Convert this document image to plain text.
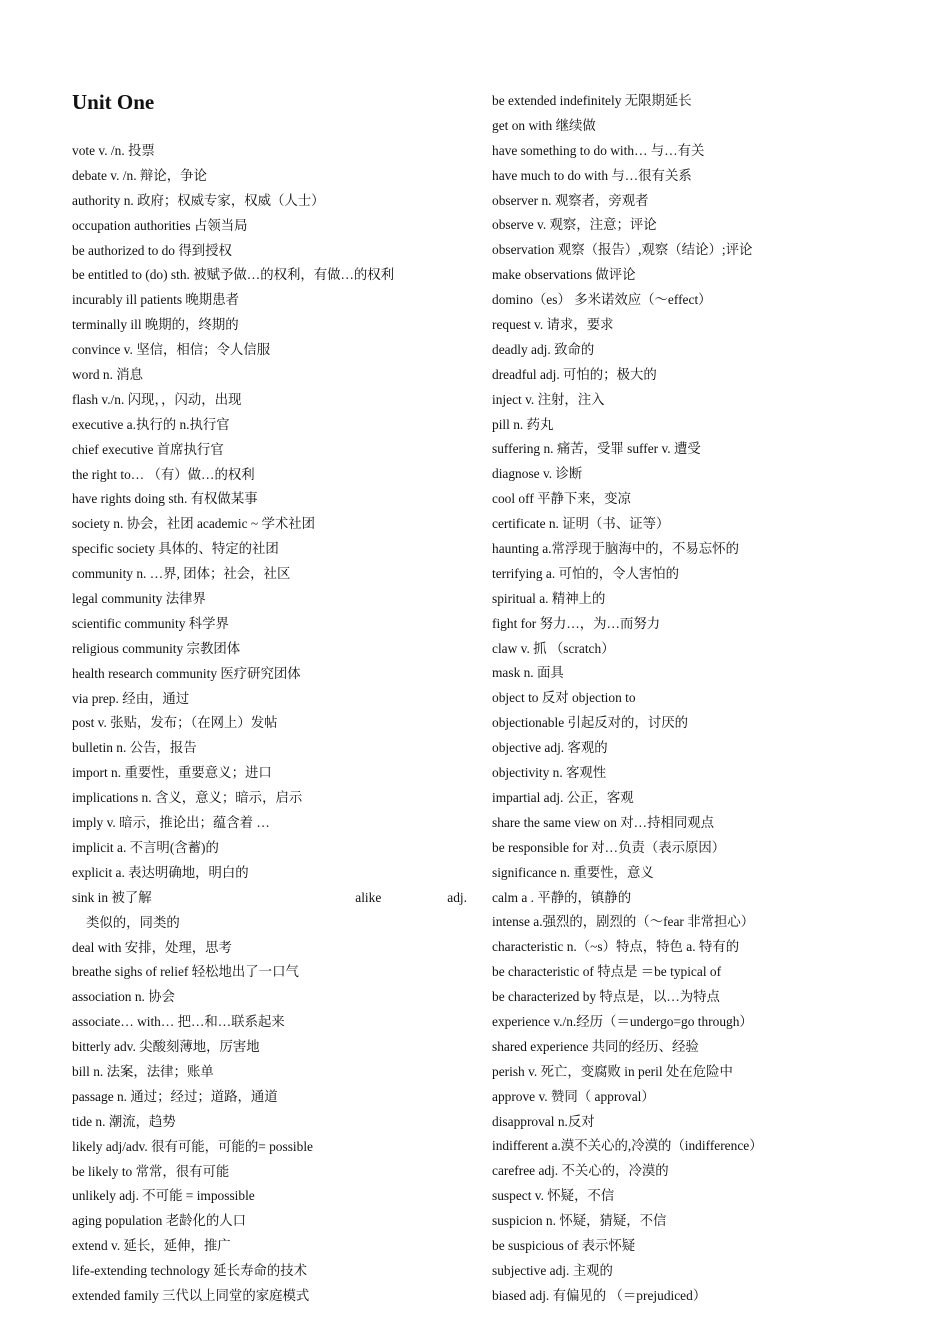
Unit One
vote v. /n. 投票
debate v. /n. 辩论，争论
authority n. 政府；权威专家，权威（人士）
occupation authorities 占领当局
be authorized to do 得到授权
be entitled to (do) sth. 被赋予做…的权利，有做…的权利
incurably ill patients 晚期患者
terminally ill 晚期的，终期的
convince v. 坚信，相信；令人信服
word n. 消息
flash v./n. 闪现，，闪动，出现
executive a.执行的 n.执行官
chief executive 首席执行官
the right to… （有）做…的权利
have rights doing sth. 有权做某事
society n. 协会，社团 academic ~ 学术社团
specific society 具体的、特定的社团
community n. …界, 团体；社会，社区
legal community 法律界
scientific community 科学界
religious community 宗教团体
health research community 医疗研究团体
via prep. 经由，通过
post v. 张贴，发布；（在网上）发帖
bulletin n. 公告，报告
import n. 重要性，重要意义；进口
implications n. 含义，意义；暗示，启示
imply v. 暗示，推论出；蕴含着 …
implicit a. 不言明(含蓄)的
explicit a. 表达明确地，明白的
sink in 被了解	alike	adj.
类似的，同类的
deal with 安排，处理，思考
breathe sighs of relief 轻松地出了一口气
association n. 协会
associate… with… 把…和…联系起来
bitterly adv. 尖酸刻薄地，厉害地
bill n. 法案，法律；账单
passage n. 通过；经过；道路，通道
tide n. 潮流，趋势
likely adj/adv. 很有可能，可能的= possible
be likely to 常常，很有可能
unlikely adj. 不可能 = impossible
aging population 老龄化的人口
extend v. 延长，延伸，推广
life-extending technology 延长寿命的技术
extended family 三代以上同堂的家庭模式
be extended indefinitely 无限期延长
get on with 继续做
have something to do with… 与…有关
have much to do with 与…很有关系
observer n. 观察者，旁观者
observe v. 观察，注意；评论
observation 观察（报告）,观察（结论）;评论
make observations 做评论
domino（es） 多米诺效应（～effect）
request v. 请求，要求
deadly adj. 致命的
dreadful adj. 可怕的；极大的
inject v. 注射，注入
pill n. 药丸
suffering n. 痛苦，受罪 suffer v. 遭受
diagnose v. 诊断
cool off 平静下来，变凉
certificate n. 证明（书、证等）
haunting a.常浮现于脑海中的，不易忘怀的
terrifying a. 可怕的，令人害怕的
spiritual a. 精神上的
fight for 努力…，为…而努力
claw v. 抓 （scratch）
mask n. 面具
object to 反对 objection to
objectionable 引起反对的，讨厌的
objective adj. 客观的
objectivity n. 客观性
impartial adj. 公正，客观
share the same view on 对…持相同观点
be responsible for 对…负责（表示原因）
significance n. 重要性，意义
calm a . 平静的，镇静的
intense a.强烈的，剧烈的（～fear 非常担心）
characteristic n.（~s）特点，特色 a. 特有的
be characteristic of 特点是 ＝be typical of
be characterized by 特点是，以…为特点
experience v./n.经历（＝undergo=go through）
shared experience 共同的经历、经验
perish v. 死亡，变腐败 in peril 处在危险中
approve v. 赞同（ approval）
disapproval n.反对
indifferent a.漠不关心的,冷漠的（indifference）
carefree adj. 不关心的，冷漠的
suspect v. 怀疑，不信
suspicion n. 怀疑，猜疑，不信
be suspicious of 表示怀疑
subjective adj. 主观的
biased adj. 有偏见的 （＝prejudiced）
